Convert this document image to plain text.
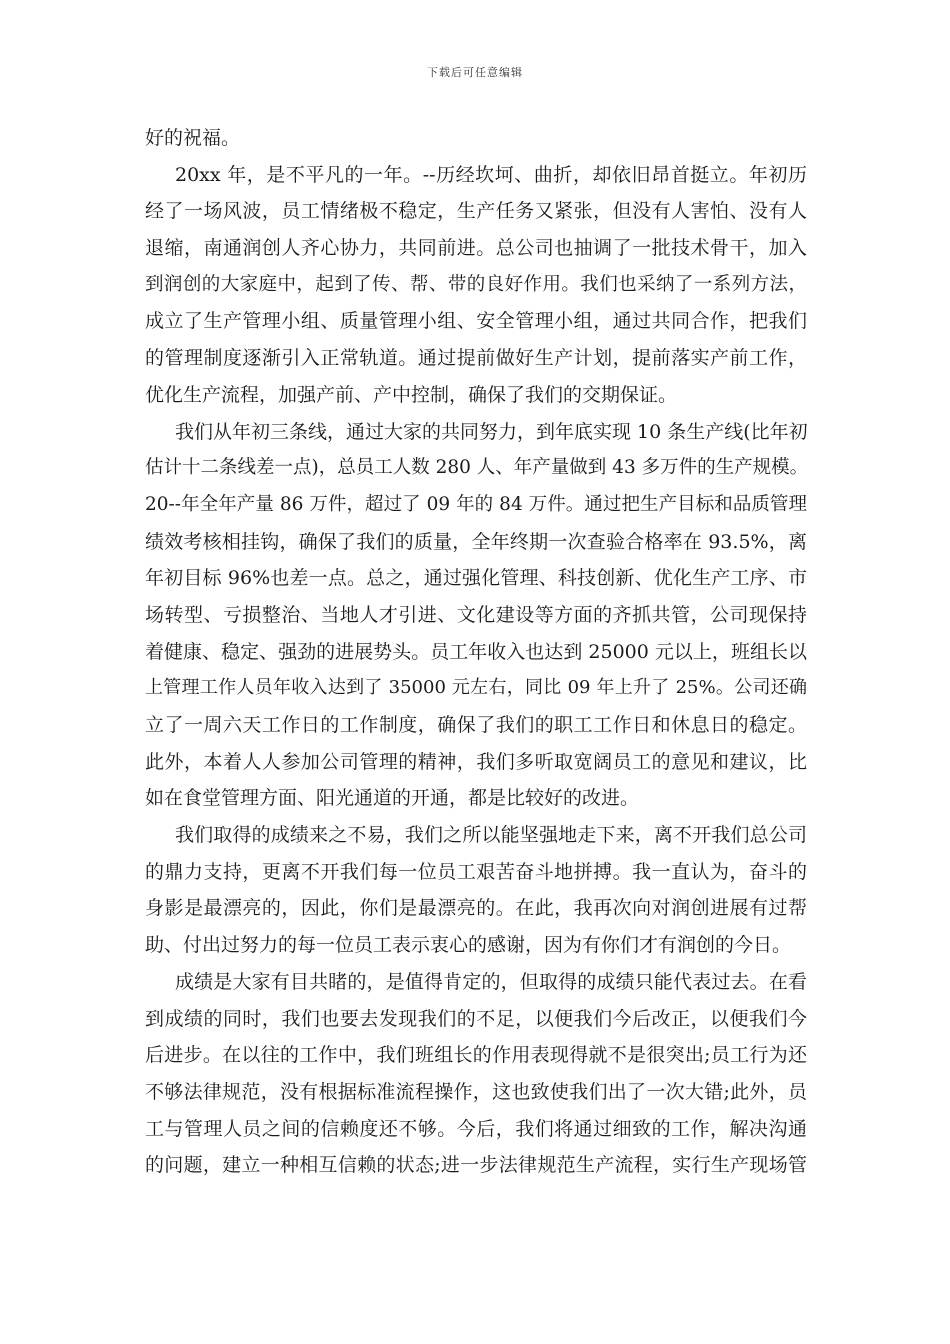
下载后可任意编辑
好的祝福。
20xx 年，是不平凡的一年。--历经坎坷、曲折，却依旧昂首挺立。年初历
经了一场风波，员工情绪极不稳定，生产任务又紧张，但没有人害怕、没有人
退缩，南通润创人齐心协力，共同前进。总公司也抽调了一批技术骨干，加入
到润创的大家庭中，起到了传、帮、带的良好作用。我们也采纳了一系列方法，
成立了生产管理小组、质量管理小组、安全管理小组，通过共同合作，把我们
的管理制度逐渐引入正常轨道。通过提前做好生产计划，提前落实产前工作，
优化生产流程，加强产前、产中控制，确保了我们的交期保证。
我们从年初三条线，通过大家的共同努力，到年底实现 10 条生产线(比年初
估计十二条线差一点)，总员工人数 280 人、年产量做到 43 多万件的生产规模。
20--年全年产量 86 万件，超过了 09 年的 84 万件。通过把生产目标和品质管理
绩效考核相挂钩，确保了我们的质量，全年终期一次查验合格率在 93.5%，离
年初目标 96%也差一点。总之，通过强化管理、科技创新、优化生产工序、市
场转型、亏损整治、当地人才引进、文化建设等方面的齐抓共管，公司现保持
着健康、稳定、强劲的进展势头。员工年收入也达到 25000 元以上，班组长以
上管理工作人员年收入达到了 35000 元左右，同比 09 年上升了 25%。公司还确
立了一周六天工作日的工作制度，确保了我们的职工工作日和休息日的稳定。
此外，本着人人参加公司管理的精神，我们多听取宽阔员工的意见和建议，比
如在食堂管理方面、阳光通道的开通，都是比较好的改进。
我们取得的成绩来之不易，我们之所以能坚强地走下来，离不开我们总公司
的鼎力支持，更离不开我们每一位员工艰苦奋斗地拼搏。我一直认为，奋斗的
身影是最漂亮的，因此，你们是最漂亮的。在此，我再次向对润创进展有过帮
助、付出过努力的每一位员工表示衷心的感谢，因为有你们才有润创的今日。
成绩是大家有目共睹的，是值得肯定的，但取得的成绩只能代表过去。在看
到成绩的同时，我们也要去发现我们的不足，以便我们今后改正，以便我们今
后进步。在以往的工作中，我们班组长的作用表现得就不是很突出;员工行为还
不够法律规范，没有根据标准流程操作，这也致使我们出了一次大错;此外，员
工与管理人员之间的信赖度还不够。今后，我们将通过细致的工作，解决沟通
的问题，建立一种相互信赖的状态;进一步法律规范生产流程，实行生产现场管
